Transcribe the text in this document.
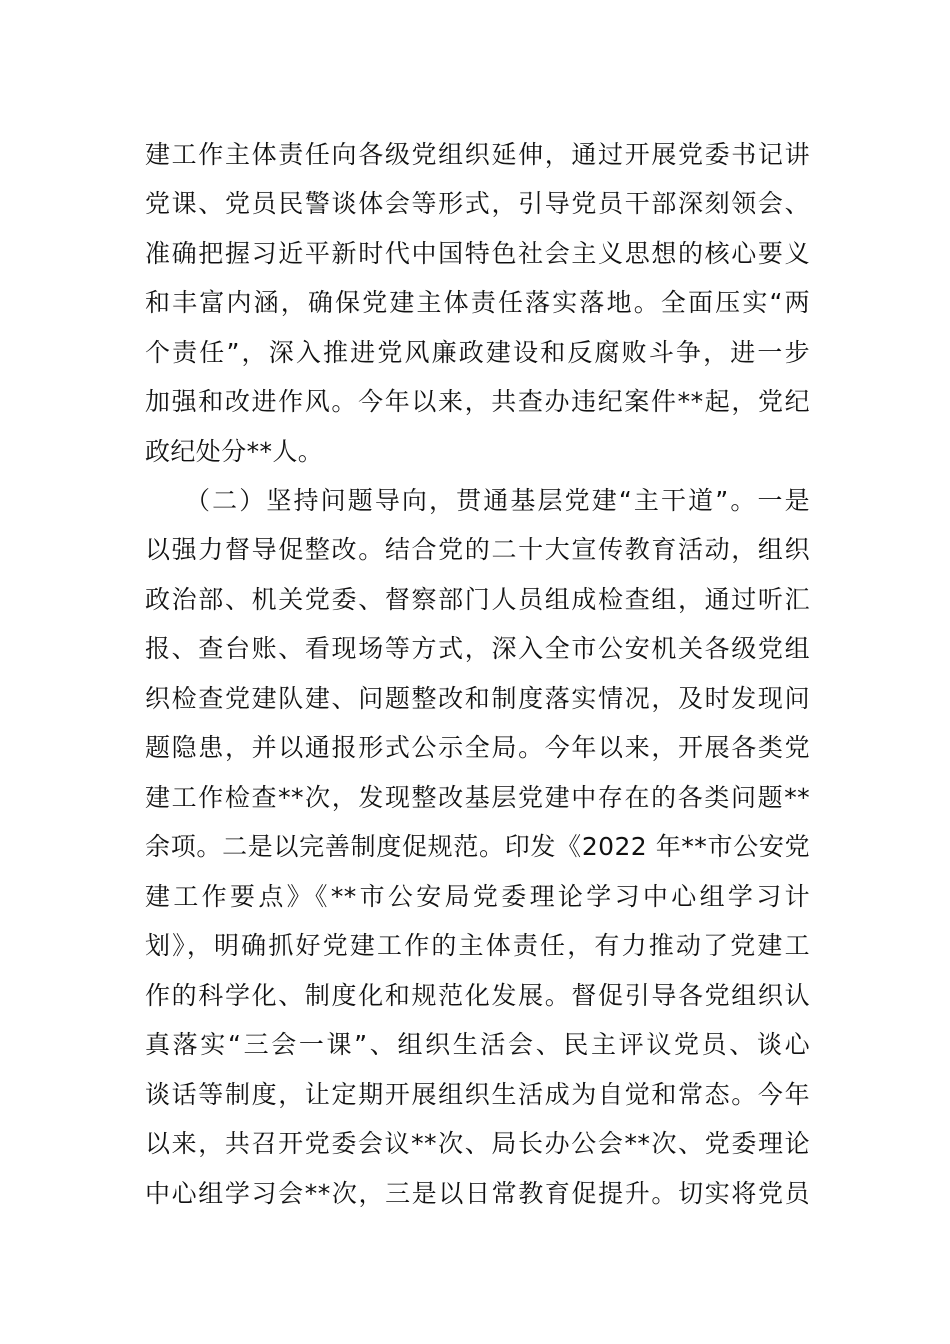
建工作主体责任向各级党组织延伸，通过开展党委书记讲
党课、党员民警谈体会等形式，引导党员干部深刻领会、
准确把握习近平新时代中国特色社会主义思想的核心要义
和丰富内涵，确保党建主体责任落实落地。全面压实“两
个责任”，深入推进党风廉政建设和反腐败斗争，进一步
加强和改进作风。今年以来，共查办违纪案件**起，党纪
政纪处分**人。
（二）坚持问题导向，贯通基层党建“主干道”。一是
以强力督导促整改。结合党的二十大宣传教育活动，组织
政治部、机关党委、督察部门人员组成检查组，通过听汇
报、查台账、看现场等方式，深入全市公安机关各级党组
织检查党建队建、问题整改和制度落实情况，及时发现问
题隐患，并以通报形式公示全局。今年以来，开展各类党
建工作检查**次，发现整改基层党建中存在的各类问题**
余项。二是以完善制度促规范。印发《2022 年**市公安党
建工作要点》《**市公安局党委理论学习中心组学习计
划》，明确抓好党建工作的主体责任，有力推动了党建工
作的科学化、制度化和规范化发展。督促引导各党组织认
真落实“三会一课”、组织生活会、民主评议党员、谈心
谈话等制度，让定期开展组织生活成为自觉和常态。今年
以来，共召开党委会议**次、局长办公会**次、党委理论
中心组学习会**次，三是以日常教育促提升。切实将党员
